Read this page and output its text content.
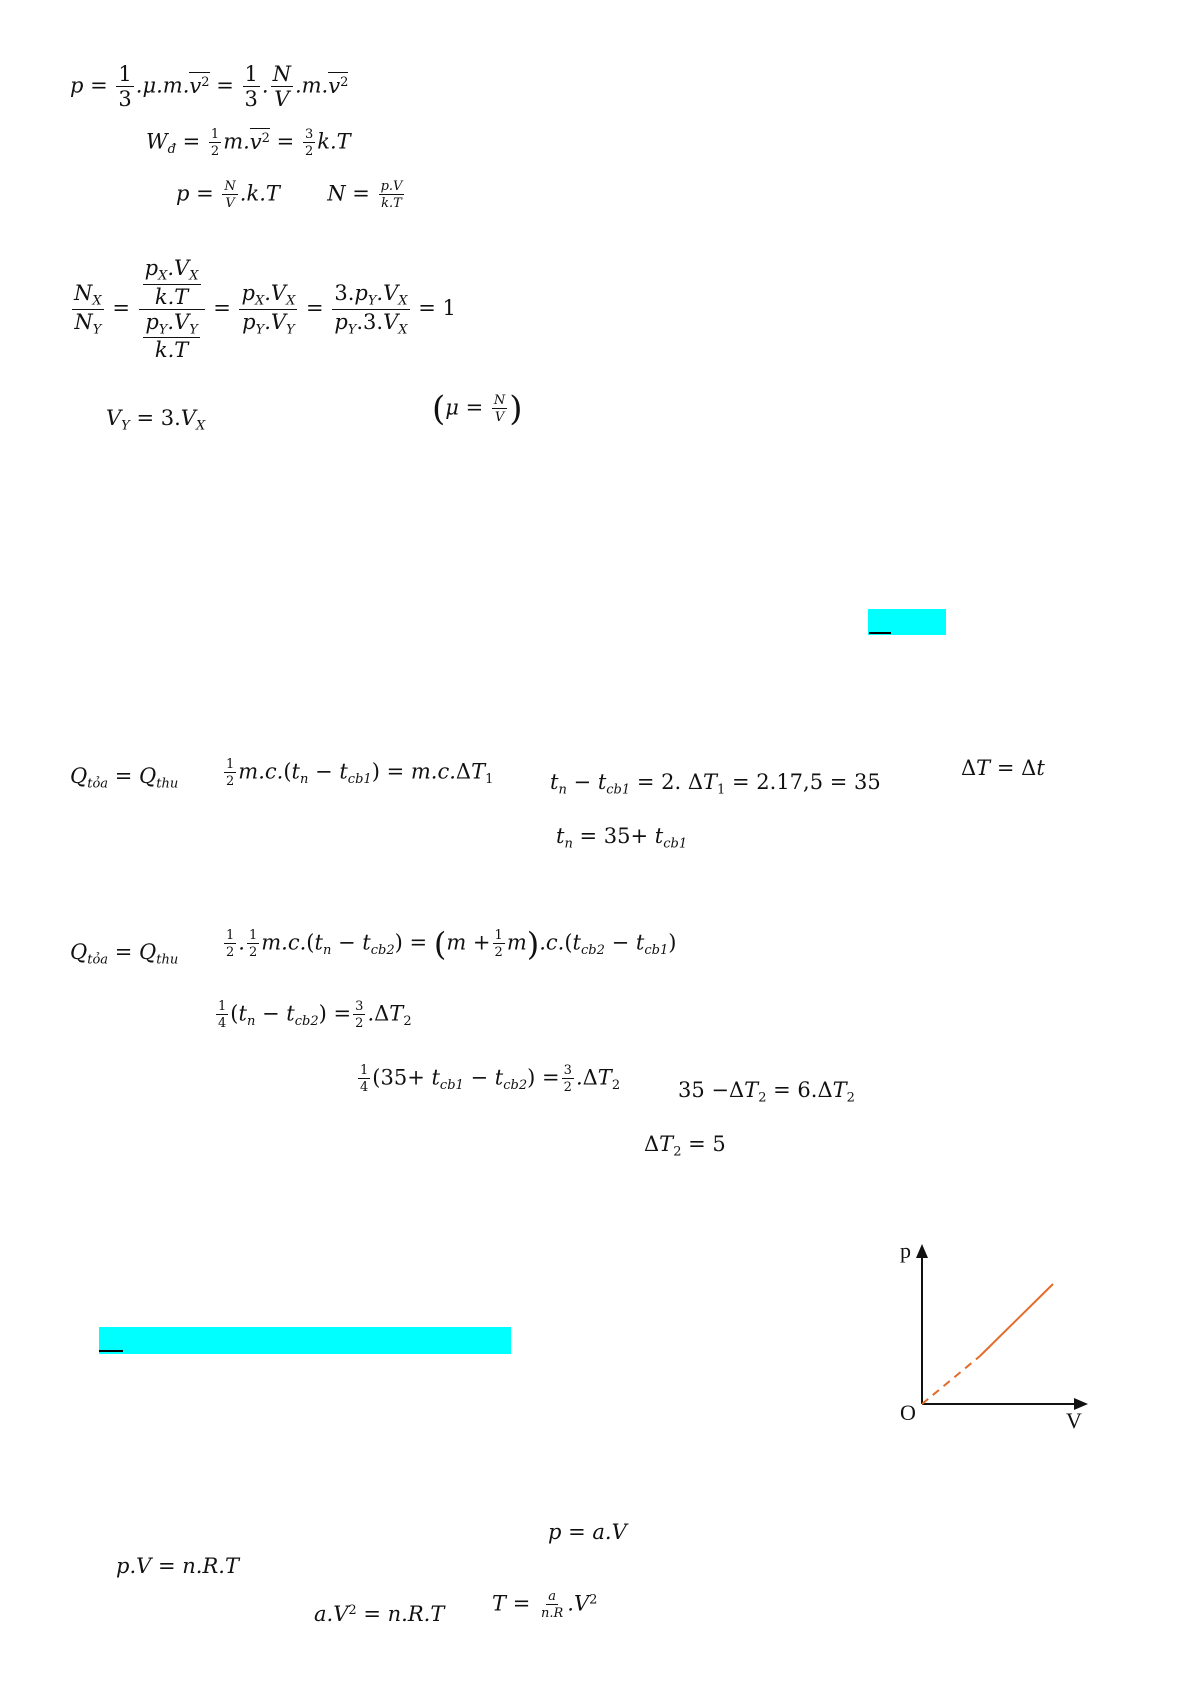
$p = \frac{1}{3} .\mu.m.v^2 = \frac{1}{3}$ . $\frac{N}{V} .m.v^2$
$W_đ = \frac{1}{2} m.v^2 = \frac{3}{2} k.T$
$p = \frac{N}{V} .k.T$  $N = \frac{p.V}{k.T}$
$\frac{N_X}{N_Y} = \frac{\frac{p_X.V_X}{k.T}}{\frac{p_Y.V_Y}{k.T}} = \frac{p_X.V_X}{p_Y.V_Y} = \frac{3.p_Y.V_X}{p_Y.3.V_X} = 1$
$V_Y = 3.V_X$	($\mu = \frac{N}{V}$ )
$Q_{tỏa} = Q_{thu}$	$\frac{1}{2} m.c.(t_n - t_{cb1}) = m.c.\Delta T_1$	$t_n - t_{cb1} = 2$. $\Delta T_1 = 2.17,5 = 35$
ΔT = Δt
$t_n = 35+ t_{cb1}$
$Q_{tỏa} = Q_{thu}$
$\frac{1}{2}$ . $\frac{1}{2} m.c.(t_n - t_{cb2}) = (m + \frac{1}{2} m).c.(t_{cb2} - t_{cb1})$
$\frac{1}{4} (t_n - t_{cb2}) = \frac{3}{2} .\Delta T_2$
$\frac{1}{4} (35+ t_{cb1} - t_{cb2}) = \frac{3}{2} .\Delta T_2$	$35 -\Delta T_2 = 6.\Delta T_2$
$\Delta T_2 = 5$
p
O	V
p = a.V
p.V = n.R.T
$a.V^2 = n.R.T$ $T = \frac{a}{n.R} .V^2$
